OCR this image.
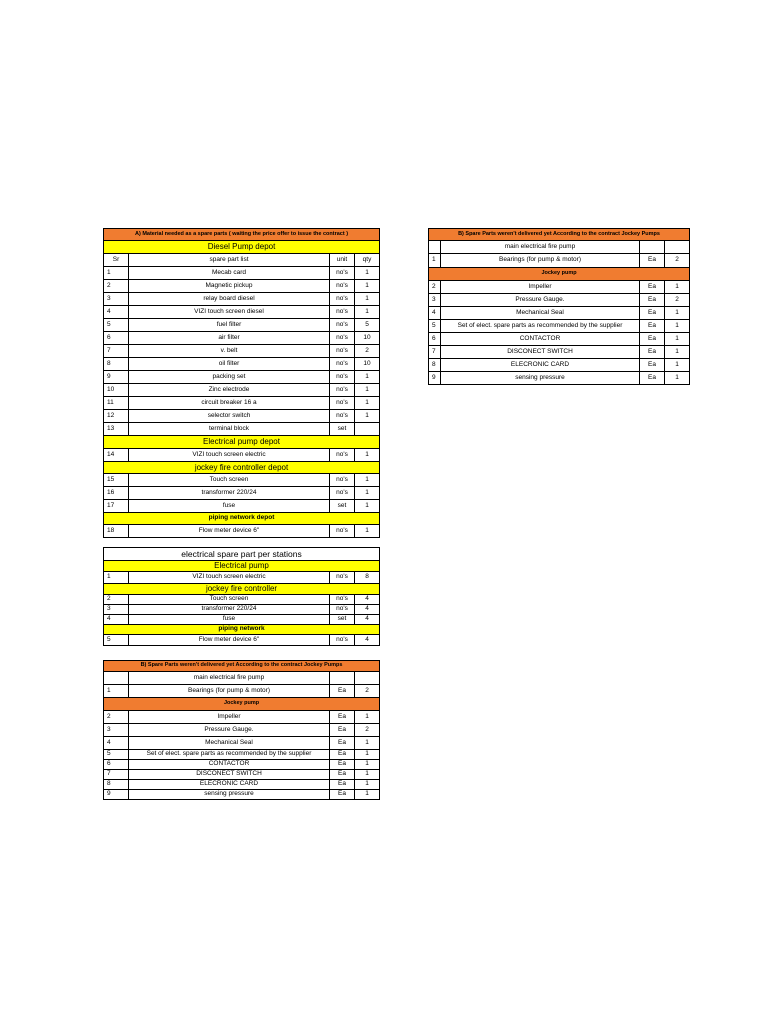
A) Material needed as a spare parts ( waiting the price offer to issue the contract )			
Diesel Pump depot			
Sr	spare part list	unit	qty
1	Mecab card	no's	1
2	Magnetic pickup	no's	1
3	relay board diesel	no's	1
4	VIZI touch screen diesel	no's	1
5	fuel filter	no's	5
6	air filter	no's	10
7	v. belt	no's	2
8	oil filter	no's	10
9	packing set	no's	1
10	Zinc electrode	no's	1
11	circuit breaker 16 a	no's	1
12	selector switch	no's	1
13	terminal block	set	
Electrical pump depot			
14	VIZI touch screen electric	no's	1
jockey fire controller depot			
15	Touch screen	no's	1
16	transformer 220/24	no's	1
17	fuse	set	1
piping network depot			
18	Flow meter device 6"	no's	1
B) Spare Parts weren't delivered yet According to the contract Jockey Pumps			
	main electrical fire pump		
1	Bearings (for pump & motor)	Ea	2
Jockey pump			
2	Impeller	Ea	1
3	Pressure Gauge.	Ea	2
4	Mechanical Seal	Ea	1
5	Set of elect. spare parts as recommended by the supplier	Ea	1
6	CONTACTOR	Ea	1
7	DISCONECT SWITCH	Ea	1
8	ELECRONIC CARD	Ea	1
9	sensing pressure	Ea	1
electrical spare part per stations			
Electrical pump			
1	VIZI touch screen electric	no's	8
jockey fire controller			
2	Touch screen	no's	4
3	transformer 220/24	no's	4
4	fuse	set	4
piping network			
5	Flow meter device 6"	no's	4
B) Spare Parts weren't delivered yet According to the contract Jockey Pumps			
	main electrical fire pump		
1	Bearings (for pump & motor)	Ea	2
Jockey pump			
2	Impeller	Ea	1
3	Pressure Gauge.	Ea	2
4	Mechanical Seal	Ea	1
5	Set of elect. spare parts as recommended by the supplier	Ea	1
6	CONTACTOR	Ea	1
7	DISCONECT SWITCH	Ea	1
8	ELECRONIC CARD	Ea	1
9	sensing pressure	Ea	1
